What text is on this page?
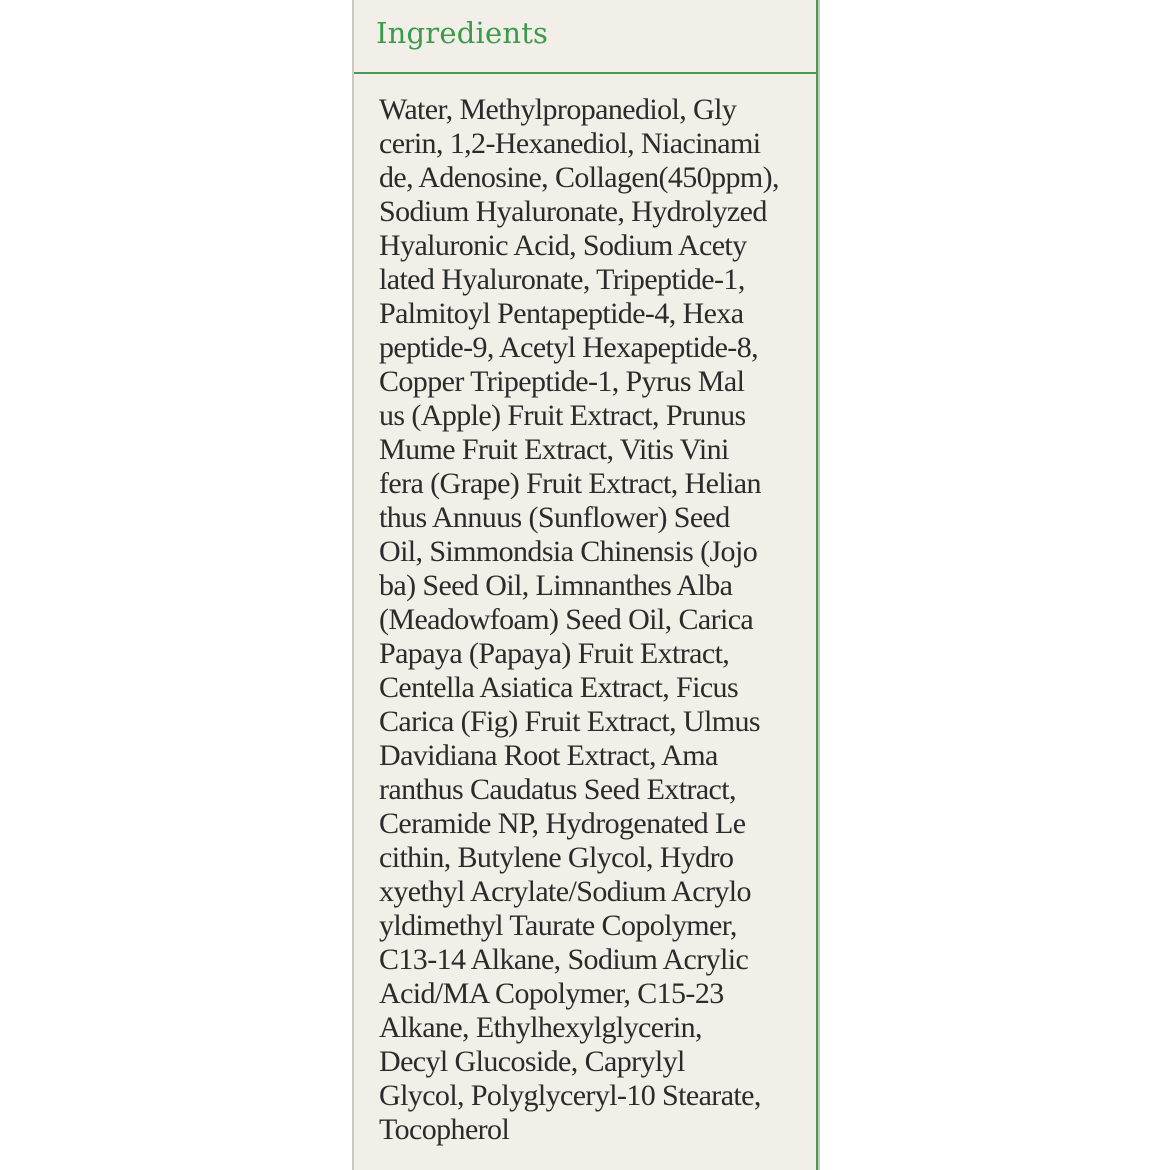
Ingredients
Water, Methylpropanediol, Gly
cerin, 1,2-Hexanediol, Niacinami
de, Adenosine, Collagen(450ppm),
Sodium Hyaluronate, Hydrolyzed
Hyaluronic Acid, Sodium Acety
lated Hyaluronate, Tripeptide-1,
Palmitoyl Pentapeptide-4, Hexa
peptide-9, Acetyl Hexapeptide-8,
Copper Tripeptide-1, Pyrus Mal
us (Apple) Fruit Extract, Prunus
Mume Fruit Extract, Vitis Vini
fera (Grape) Fruit Extract, Helian
thus Annuus (Sunflower) Seed
Oil, Simmondsia Chinensis (Jojo
ba) Seed Oil, Limnanthes Alba
(Meadowfoam) Seed Oil, Carica
Papaya (Papaya) Fruit Extract,
Centella Asiatica Extract, Ficus
Carica (Fig) Fruit Extract, Ulmus
Davidiana Root Extract, Ama
ranthus Caudatus Seed Extract,
Ceramide NP, Hydrogenated Le
cithin, Butylene Glycol, Hydro
xyethyl Acrylate/Sodium Acrylo
yldimethyl Taurate Copolymer,
C13-14 Alkane, Sodium Acrylic
Acid/MA Copolymer, C15-23
Alkane, Ethylhexylglycerin,
Decyl Glucoside, Caprylyl
Glycol, Polyglyceryl-10 Stearate,
Tocopherol
